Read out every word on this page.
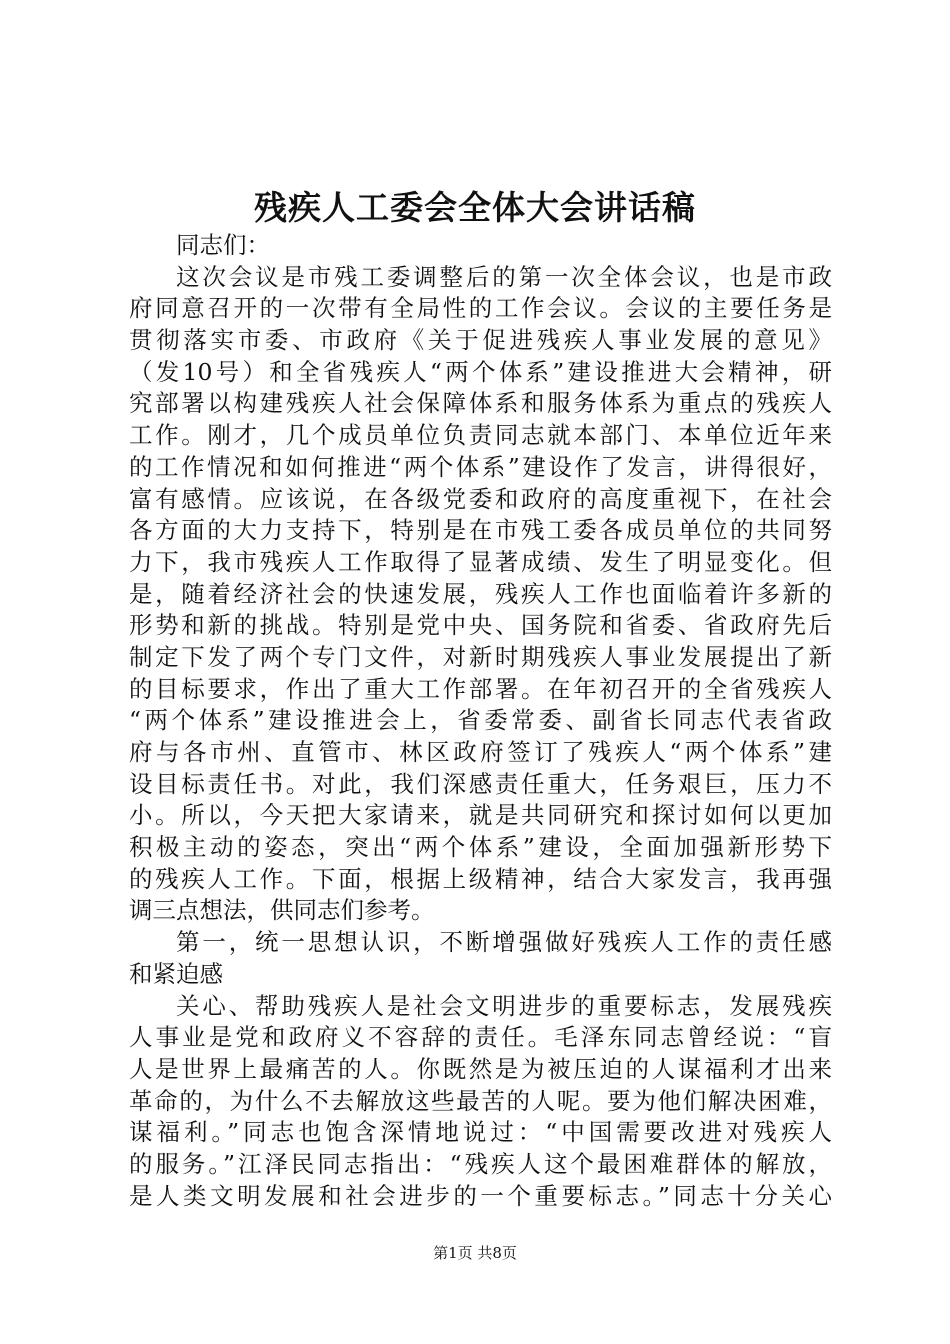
残疾人工委会全体大会讲话稿
同志们：
这次会议是市残工委调整后的第一次全体会议，也是市政
府同意召开的一次带有全局性的工作会议。会议的主要任务是
贯彻落实市委、市政府《关于促进残疾人事业发展的意见》
（发10号）和全省残疾人“两个体系”建设推进大会精神，研
究部署以构建残疾人社会保障体系和服务体系为重点的残疾人
工作。刚才，几个成员单位负责同志就本部门、本单位近年来
的工作情况和如何推进“两个体系”建设作了发言，讲得很好，
富有感情。应该说，在各级党委和政府的高度重视下，在社会
各方面的大力支持下，特别是在市残工委各成员单位的共同努
力下，我市残疾人工作取得了显著成绩、发生了明显变化。但
是，随着经济社会的快速发展，残疾人工作也面临着许多新的
形势和新的挑战。特别是党中央、国务院和省委、省政府先后
制定下发了两个专门文件，对新时期残疾人事业发展提出了新
的目标要求，作出了重大工作部署。在年初召开的全省残疾人
“两个体系”建设推进会上，省委常委、副省长同志代表省政
府与各市州、直管市、林区政府签订了残疾人“两个体系”建
设目标责任书。对此，我们深感责任重大，任务艰巨，压力不
小。所以，今天把大家请来，就是共同研究和探讨如何以更加
积极主动的姿态，突出“两个体系”建设，全面加强新形势下
的残疾人工作。下面，根据上级精神，结合大家发言，我再强
调三点想法，供同志们参考。
第一，统一思想认识，不断增强做好残疾人工作的责任感
和紧迫感
关心、帮助残疾人是社会文明进步的重要标志，发展残疾
人事业是党和政府义不容辞的责任。毛泽东同志曾经说：“盲
人是世界上最痛苦的人。你既然是为被压迫的人谋福利才出来
革命的，为什么不去解放这些最苦的人呢。要为他们解决困难，
谋福利。”同志也饱含深情地说过：“中国需要改进对残疾人
的服务。”江泽民同志指出：“残疾人这个最困难群体的解放，
是人类文明发展和社会进步的一个重要标志。”同志十分关心
第1页 共8页
